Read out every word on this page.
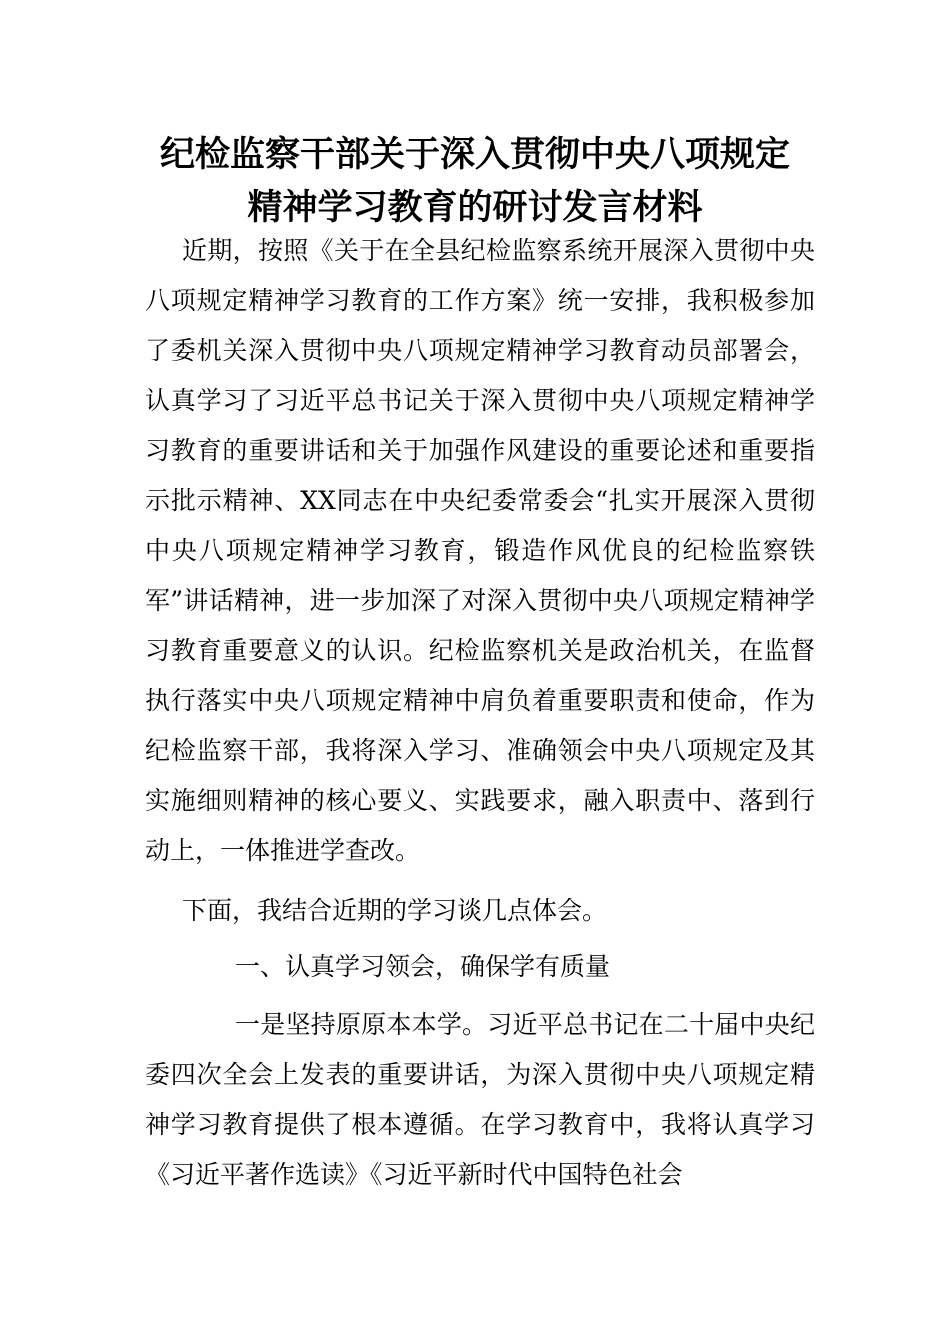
纪检监察干部关于深入贯彻中央八项规定
精神学习教育的研讨发言材料
近期，按照《关于在全县纪检监察系统开展深入贯彻中央八项规定精神学习教育的工作方案》统一安排，我积极参加了委机关深入贯彻中央八项规定精神学习教育动员部署会，认真学习了习近平总书记关于深入贯彻中央八项规定精神学习教育的重要讲话和关于加强作风建设的重要论述和重要指示批示精神、XX同志在中央纪委常委会“扎实开展深入贯彻中央八项规定精神学习教育，锻造作风优良的纪检监察铁军”讲话精神，进一步加深了对深入贯彻中央八项规定精神学习教育重要意义的认识。纪检监察机关是政治机关，在监督执行落实中央八项规定精神中肩负着重要职责和使命，作为纪检监察干部，我将深入学习、准确领会中央八项规定及其实施细则精神的核心要义、实践要求，融入职责中、落到行动上，一体推进学查改。
下面，我结合近期的学习谈几点体会。
一、认真学习领会，确保学有质量
一是坚持原原本本学。习近平总书记在二十届中央纪委四次全会上发表的重要讲话，为深入贯彻中央八项规定精神学习教育提供了根本遵循。在学习教育中，我将认真学习《习近平著作选读》《习近平新时代中国特色社会
